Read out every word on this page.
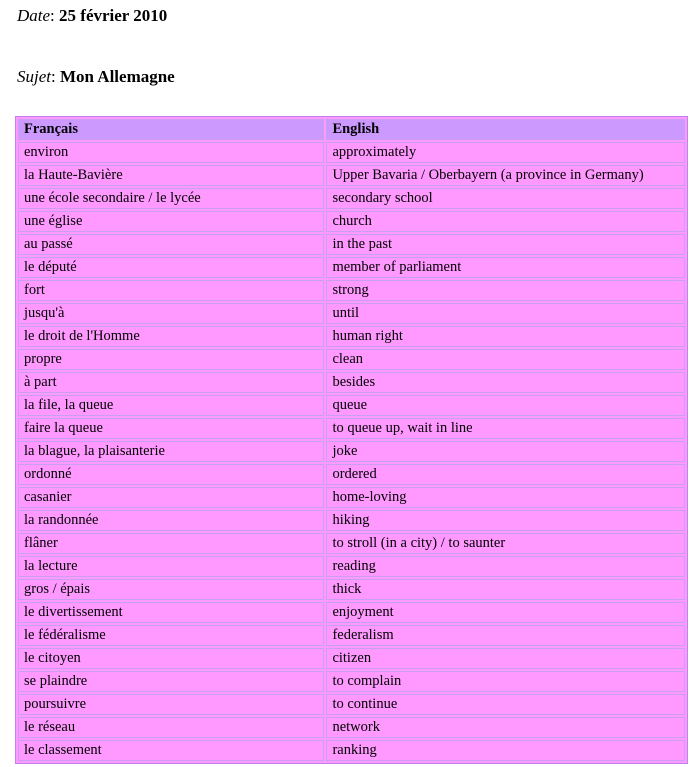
Date: 25 février 2010
Sujet: Mon Allemagne
Français	English
environ	approximately
la Haute-Bavière	Upper Bavaria / Oberbayern (a province in Germany)
une école secondaire / le lycée	secondary school
une église	church
au passé	in the past
le député	member of parliament
fort	strong
jusqu'à	until
le droit de l'Homme	human right
propre	clean
à part	besides
la file, la queue	queue
faire la queue	to queue up, wait in line
la blague, la plaisanterie	joke
ordonné	ordered
casanier	home-loving
la randonnée	hiking
flâner	to stroll (in a city) / to saunter
la lecture	reading
gros / épais	thick
le divertissement	enjoyment
le fédéralisme	federalism
le citoyen	citizen
se plaindre	to complain
poursuivre	to continue
le réseau	network
le classement	ranking
